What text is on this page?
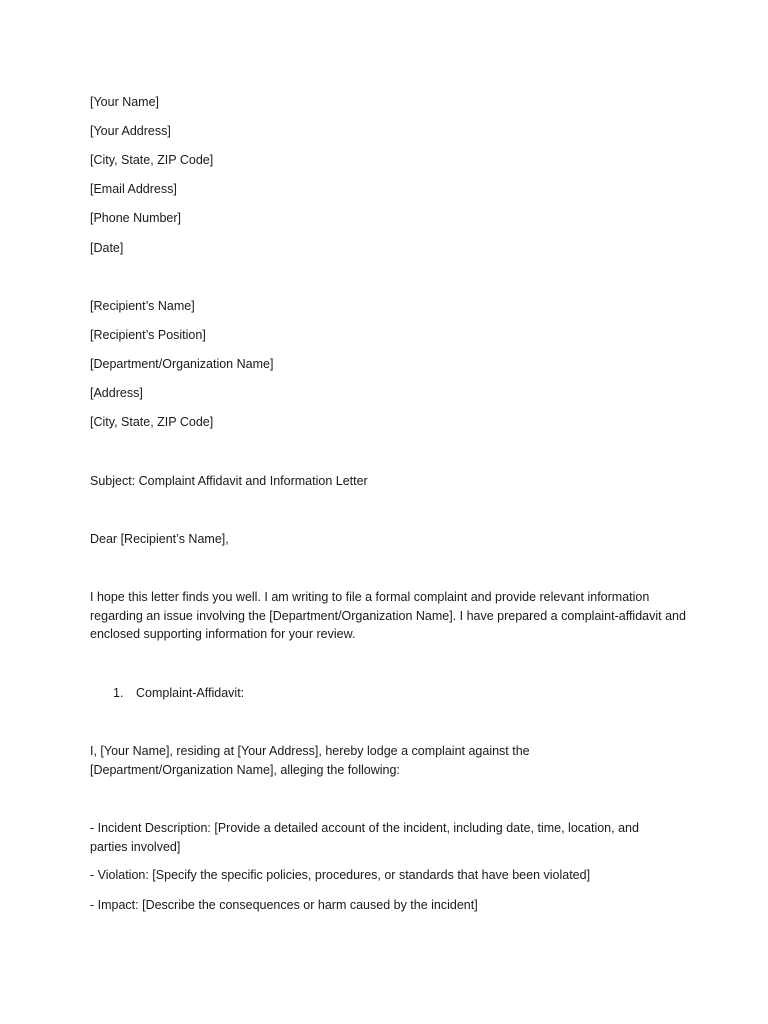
[Your Name]
[Your Address]
[City, State, ZIP Code]
[Email Address]
[Phone Number]
[Date]
[Recipient’s Name]
[Recipient’s Position]
[Department/Organization Name]
[Address]
[City, State, ZIP Code]
Subject: Complaint Affidavit and Information Letter
Dear [Recipient’s Name],
I hope this letter finds you well. I am writing to file a formal complaint and provide relevant information regarding an issue involving the [Department/Organization Name]. I have prepared a complaint-affidavit and enclosed supporting information for your review.
1. Complaint-Affidavit:
I, [Your Name], residing at [Your Address], hereby lodge a complaint against the [Department/Organization Name], alleging the following:
- Incident Description: [Provide a detailed account of the incident, including date, time, location, and parties involved]
- Violation: [Specify the specific policies, procedures, or standards that have been violated]
- Impact: [Describe the consequences or harm caused by the incident]
